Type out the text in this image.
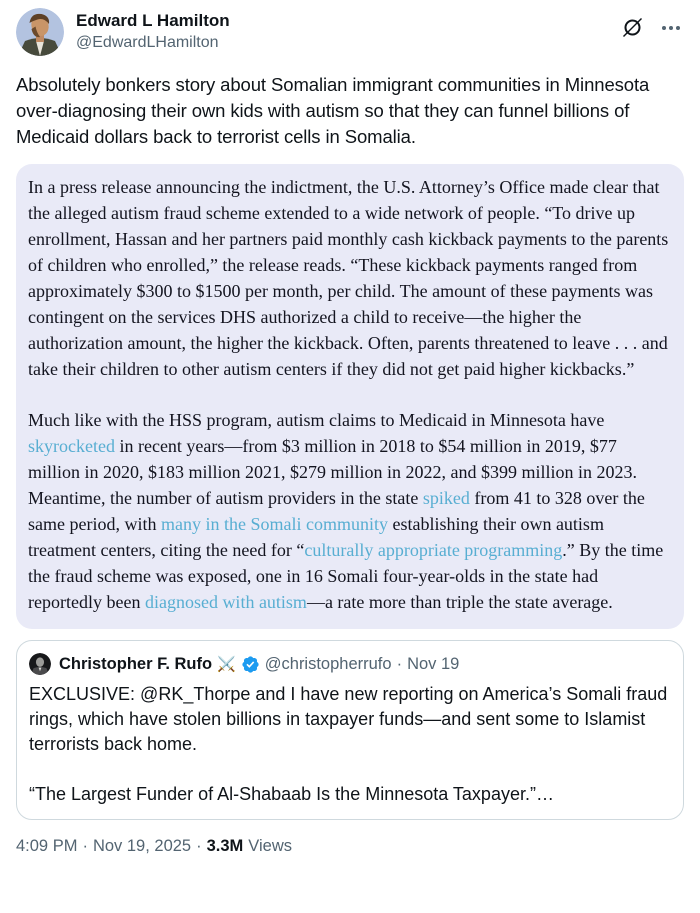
Edward L Hamilton
@EdwardLHamilton
Absolutely bonkers story about Somalian immigrant communities in Minnesota over-diagnosing their own kids with autism so that they can funnel billions of Medicaid dollars back to terrorist cells in Somalia.

In a press release announcing the indictment, the U.S. Attorney’s Office made clear that the alleged autism fraud scheme extended to a wide network of people. “To drive up enrollment, Hassan and her partners paid monthly cash kickback payments to the parents of children who enrolled,” the release reads. “These kickback payments ranged from approximately $300 to $1500 per month, per child. The amount of these payments was contingent on the services DHS authorized a child to receive—the higher the authorization amount, the higher the kickback. Often, parents threatened to leave . . . and take their children to other autism centers if they did not get paid higher kickbacks.”

Much like with the HSS program, autism claims to Medicaid in Minnesota have skyrocketed in recent years—from $3 million in 2018 to $54 million in 2019, $77 million in 2020, $183 million 2021, $279 million in 2022, and $399 million in 2023. Meantime, the number of autism providers in the state spiked from 41 to 328 over the same period, with many in the Somali community establishing their own autism treatment centers, citing the need for “culturally appropriate programming.” By the time the fraud scheme was exposed, one in 16 Somali four-year-olds in the state had reportedly been diagnosed with autism—a rate more than triple the state average.

Christopher F. Rufo ⚔️ @christopherrufo · Nov 19

EXCLUSIVE: @RK_Thorpe and I have new reporting on America’s Somali fraud rings, which have stolen billions in taxpayer funds—and sent some to Islamist terrorists back home.

“The Largest Funder of Al-Shabaab Is the Minnesota Taxpayer.”…

4:09 PM · Nov 19, 2025 · 3.3M Views
